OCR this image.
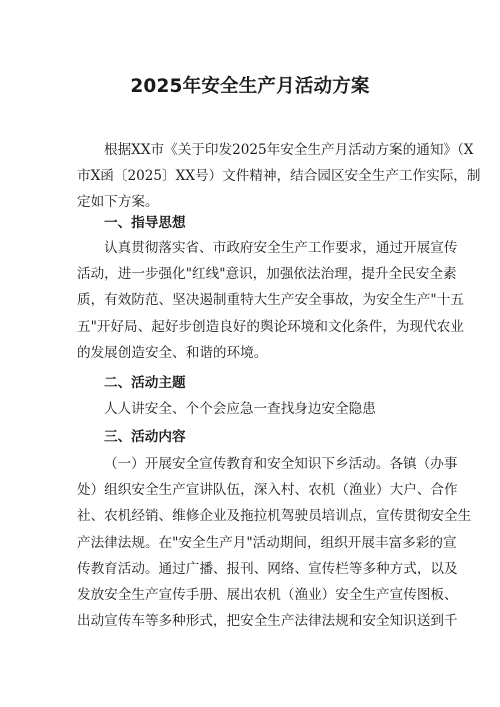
2025年安全生产月活动方案
根据XX市《关于印发2025年安全生产月活动方案的通知》（X
市X函〔2025〕XX号）文件精神，结合园区安全生产工作实际，制
定如下方案。
一、指导思想
认真贯彻落实省、市政府安全生产工作要求，通过开展宣传
活动，进一步强化"红线"意识，加强依法治理，提升全民安全素
质，有效防范、坚决遏制重特大生产安全事故，为安全生产"十五
五"开好局、起好步创造良好的舆论环境和文化条件，为现代农业
的发展创造安全、和谐的环境。
二、活动主题
人人讲安全、个个会应急一查找身边安全隐患
三、活动内容
（一）开展安全宣传教育和安全知识下乡活动。各镇（办事
处）组织安全生产宣讲队伍，深入村、农机（渔业）大户、合作
社、农机经销、维修企业及拖拉机驾驶员培训点，宣传贯彻安全生
产法律法规。在"安全生产月"活动期间，组织开展丰富多彩的宣
传教育活动。通过广播、报刊、网络、宣传栏等多种方式，以及
发放安全生产宣传手册、展出农机（渔业）安全生产宣传图板、
出动宣传车等多种形式，把安全生产法律法规和安全知识送到千
